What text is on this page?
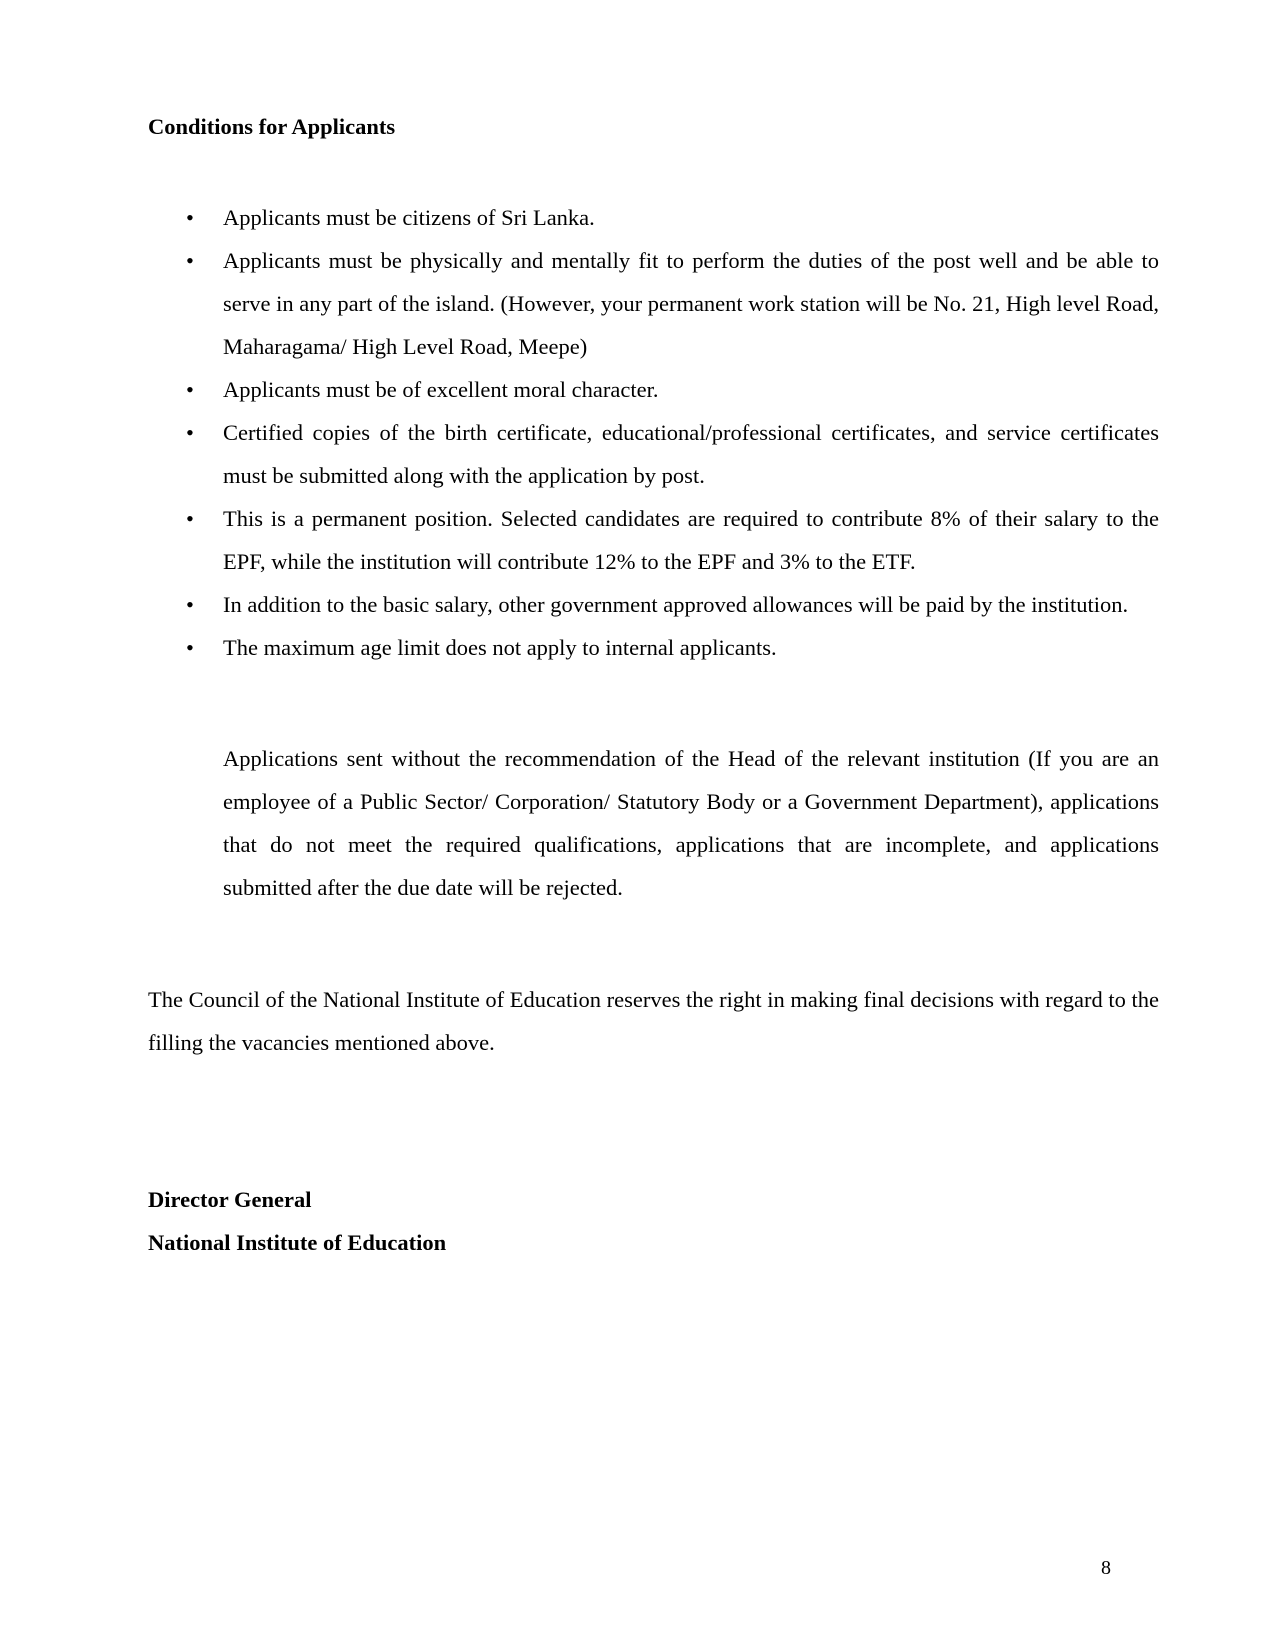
Conditions for Applicants
• Applicants must be citizens of Sri Lanka.
• Applicants must be physically and mentally fit to perform the duties of the post well and be able to serve in any part of the island. (However, your permanent work station will be No. 21, High level Road, Maharagama/ High Level Road, Meepe)
• Applicants must be of excellent moral character.
• Certified copies of the birth certificate, educational/professional certificates, and service certificates must be submitted along with the application by post.
• This is a permanent position. Selected candidates are required to contribute 8% of their salary to the EPF, while the institution will contribute 12% to the EPF and 3% to the ETF.
• In addition to the basic salary, other government approved allowances will be paid by the institution.
• The maximum age limit does not apply to internal applicants.
Applications sent without the recommendation of the Head of the relevant institution (If you are an employee of a Public Sector/ Corporation/ Statutory Body or a Government Department), applications that do not meet the required qualifications, applications that are incomplete, and applications submitted after the due date will be rejected.
The Council of the National Institute of Education reserves the right in making final decisions with regard to the filling the vacancies mentioned above.
Director General
National Institute of Education
8
